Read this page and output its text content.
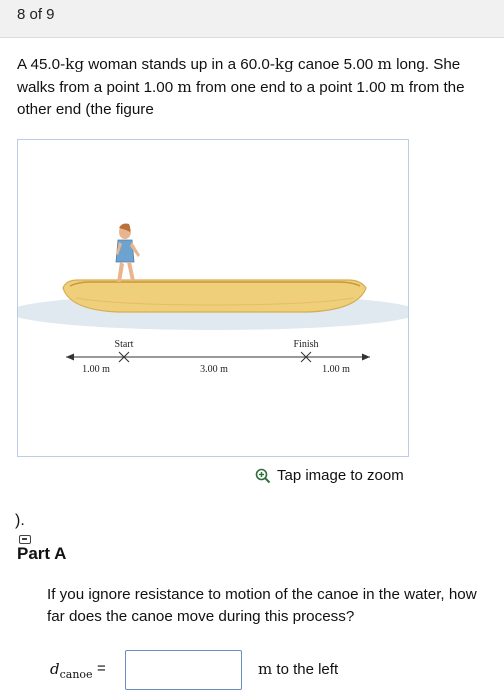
8 of 9
A 45.0-kg woman stands up in a 60.0-kg canoe 5.00 m long. She walks from a point 1.00 m from one end to a point 1.00 m from the other end (the figure
Start	Finish
1.00 m	3.00 m	1.00 m
Tap image to zoom
).
Part A
If you ignore resistance to motion of the canoe in the water, how far does the canoe move during this process?
$d_{canoe}$ =	m to the left
